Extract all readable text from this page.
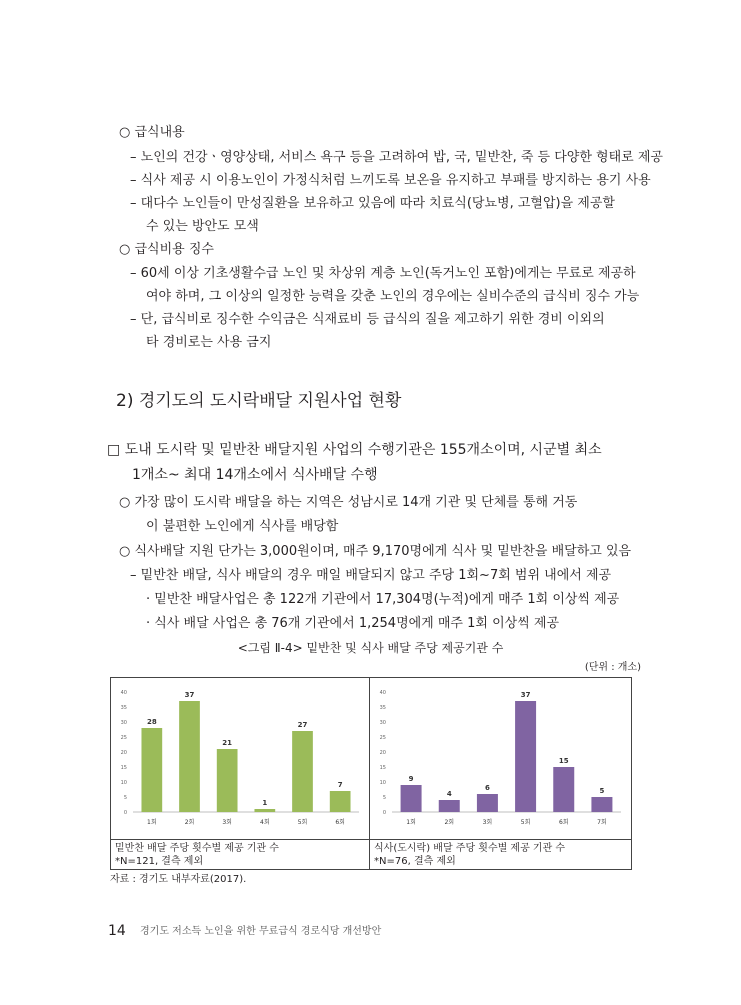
○ 급식내용
– 노인의 건강ㆍ영양상태, 서비스 욕구 등을 고려하여 밥, 국, 밑반찬, 죽 등 다양한 형태로 제공
– 식사 제공 시 이용노인이 가정식처럼 느끼도록 보온을 유지하고 부패를 방지하는 용기 사용
– 대다수 노인들이 만성질환을 보유하고 있음에 따라 치료식(당뇨병, 고혈압)을 제공할
수 있는 방안도 모색
○ 급식비용 징수
– 60세 이상 기초생활수급 노인 및 차상위 계층 노인(독거노인 포함)에게는 무료로 제공하
여야 하며, 그 이상의 일정한 능력을 갖춘 노인의 경우에는 실비수준의 급식비 징수 가능
– 단, 급식비로 징수한 수익금은 식재료비 등 급식의 질을 제고하기 위한 경비 이외의
타 경비로는 사용 금지
2) 경기도의 도시락배달 지원사업 현황
□ 도내 도시락 및 밑반찬 배달지원 사업의 수행기관은 155개소이며, 시군별 최소
1개소~ 최대 14개소에서 식사배달 수행
○ 가장 많이 도시락 배달을 하는 지역은 성남시로 14개 기관 및 단체를 통해 거동
이 불편한 노인에게 식사를 배당함
○ 식사배달 지원 단가는 3,000원이며, 매주 9,170명에게 식사 및 밑반찬을 배달하고 있음
– 밑반찬 배달, 식사 배달의 경우 매일 배달되지 않고 주당 1회~7회 범위 내에서 제공
· 밑반찬 배달사업은 총 122개 기관에서 17,304명(누적)에게 매주 1회 이상씩 제공
· 식사 배달 사업은 총 76개 기관에서 1,254명에게 매주 1회 이상씩 제공
<그림 Ⅱ-4> 밑반찬 및 식사 배달 주당 제공기관 수
(단위 : 개소)
0
5
10
15
20
25
30
35
40
28
1회
37
2회
21
3회
1
4회
27
5회
7
6회
밑반찬 배달 주당 횟수별 제공 기관 수
*N=121, 결측 제외
0
5
10
15
20
25
30
35
40
9
1회
4
2회
6
3회
37
5회
15
6회
5
7회
식사(도시락) 배달 주당 횟수별 제공 기관 수
*N=76, 결측 제외
자료 : 경기도 내부자료(2017).
14 경기도 저소득 노인을 위한 무료급식 경로식당 개선방안
